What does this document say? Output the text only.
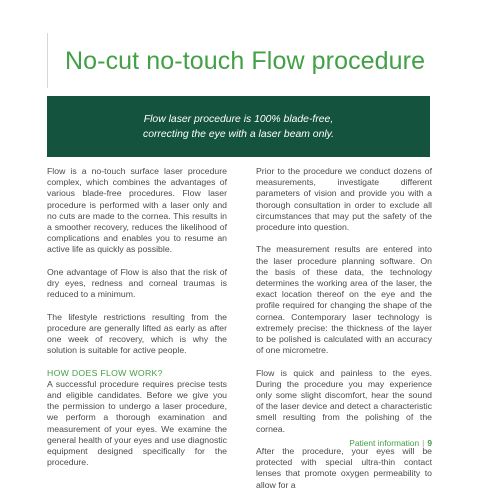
No-cut no-touch Flow procedure
Flow laser procedure is 100% blade-free,
correcting the eye with a laser beam only.

Flow is a no-touch surface laser procedure complex, which combines the advantages of various blade-free procedures. Flow laser procedure is performed with a laser only and no cuts are made to the cornea. This results in a smoother recovery, reduces the likelihood of complications and enables you to resume an active life as quickly as possible.

One advantage of Flow is also that the risk of dry eyes, redness and corneal traumas is reduced to a minimum.

The lifestyle restrictions resulting from the procedure are generally lifted as early as after one week of recovery, which is why the solution is suitable for active people.

HOW DOES FLOW WORK?

A successful procedure requires precise tests and eligible candidates. Before we give you the permission to undergo a laser procedure, we perform a thorough examination and measurement of your eyes. We examine the general health of your eyes and use diagnostic equipment designed specifically for the procedure.

Prior to the procedure we conduct dozens of measurements, investigate different parameters of vision and provide you with a thorough consultation in order to exclude all circumstances that may put the safety of the procedure into question.

The measurement results are entered into the laser procedure planning software. On the basis of these data, the technology determines the working area of the laser, the exact location thereof on the eye and the profile required for changing the shape of the cornea. Contemporary laser technology is extremely precise: the thickness of the layer to be polished is calculated with an accuracy of one micrometre.

Flow is quick and painless to the eyes. During the procedure you may experience only some slight discomfort, hear the sound of the laser device and detect a characteristic smell resulting from the polishing of the cornea.

After the procedure, your eyes will be protected with special ultra-thin contact lenses that promote oxygen permeability to allow for a

Patient information | 9
